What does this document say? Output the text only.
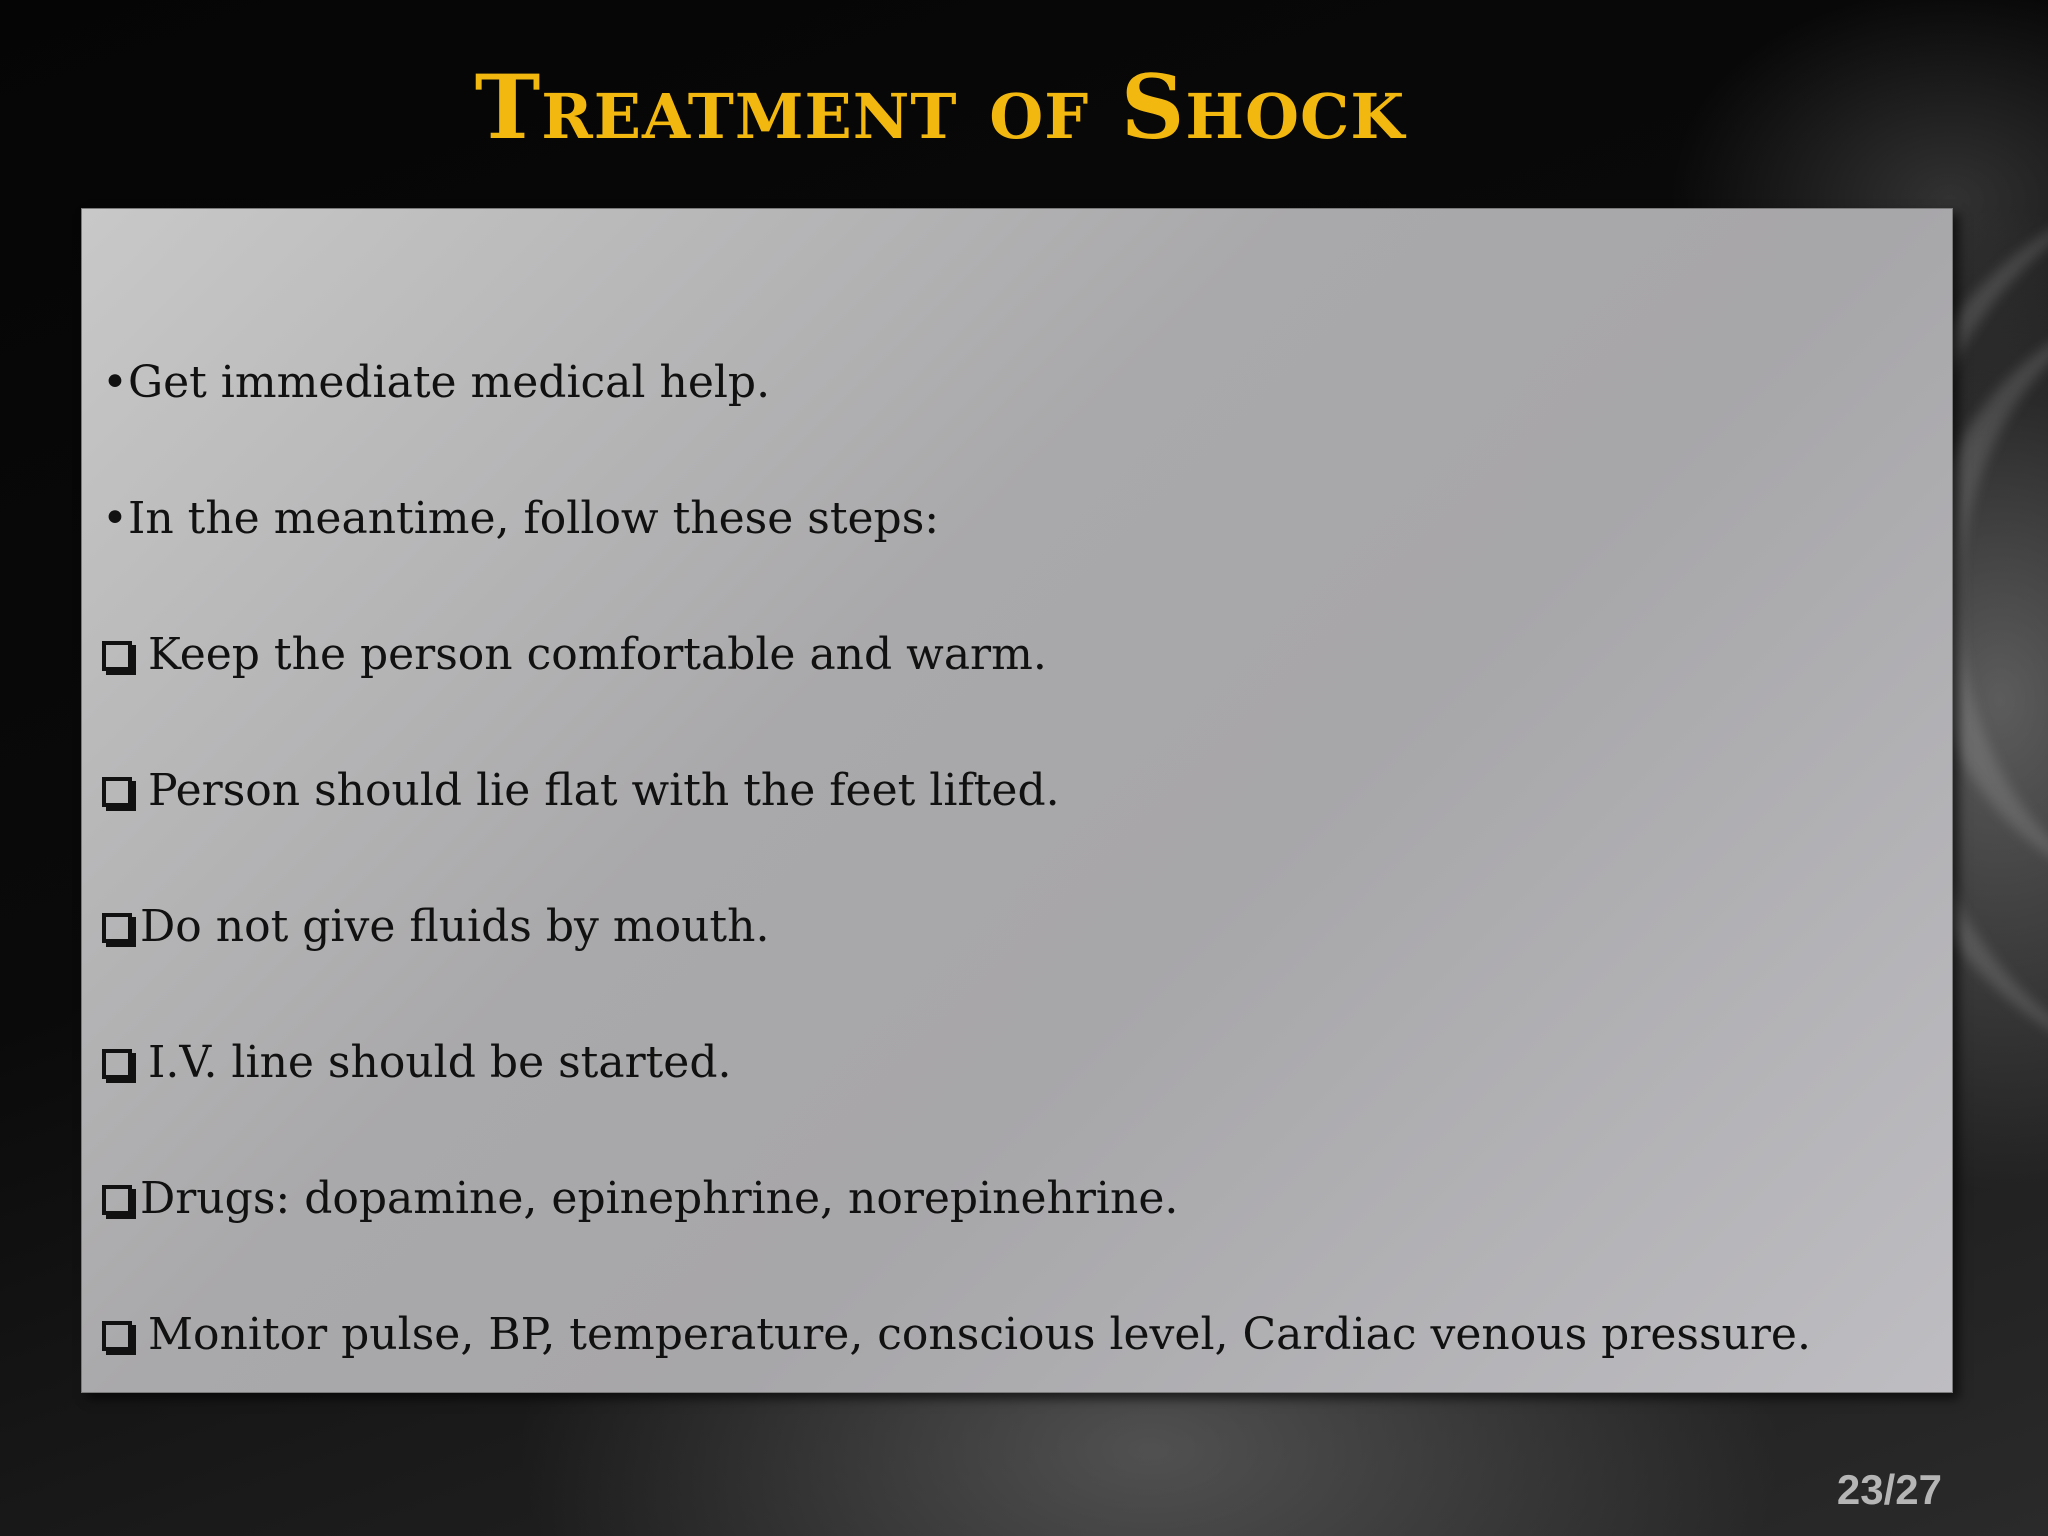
Treatment of Shock
•Get immediate medical help.
•In the meantime, follow these steps:
Keep the person comfortable and warm.
Person should lie flat with the feet lifted.
Do not give fluids by mouth.
I.V. line should be started.
Drugs: dopamine, epinephrine, norepinehrine.
Monitor pulse, BP, temperature, conscious level, Cardiac venous pressure.
23/27
